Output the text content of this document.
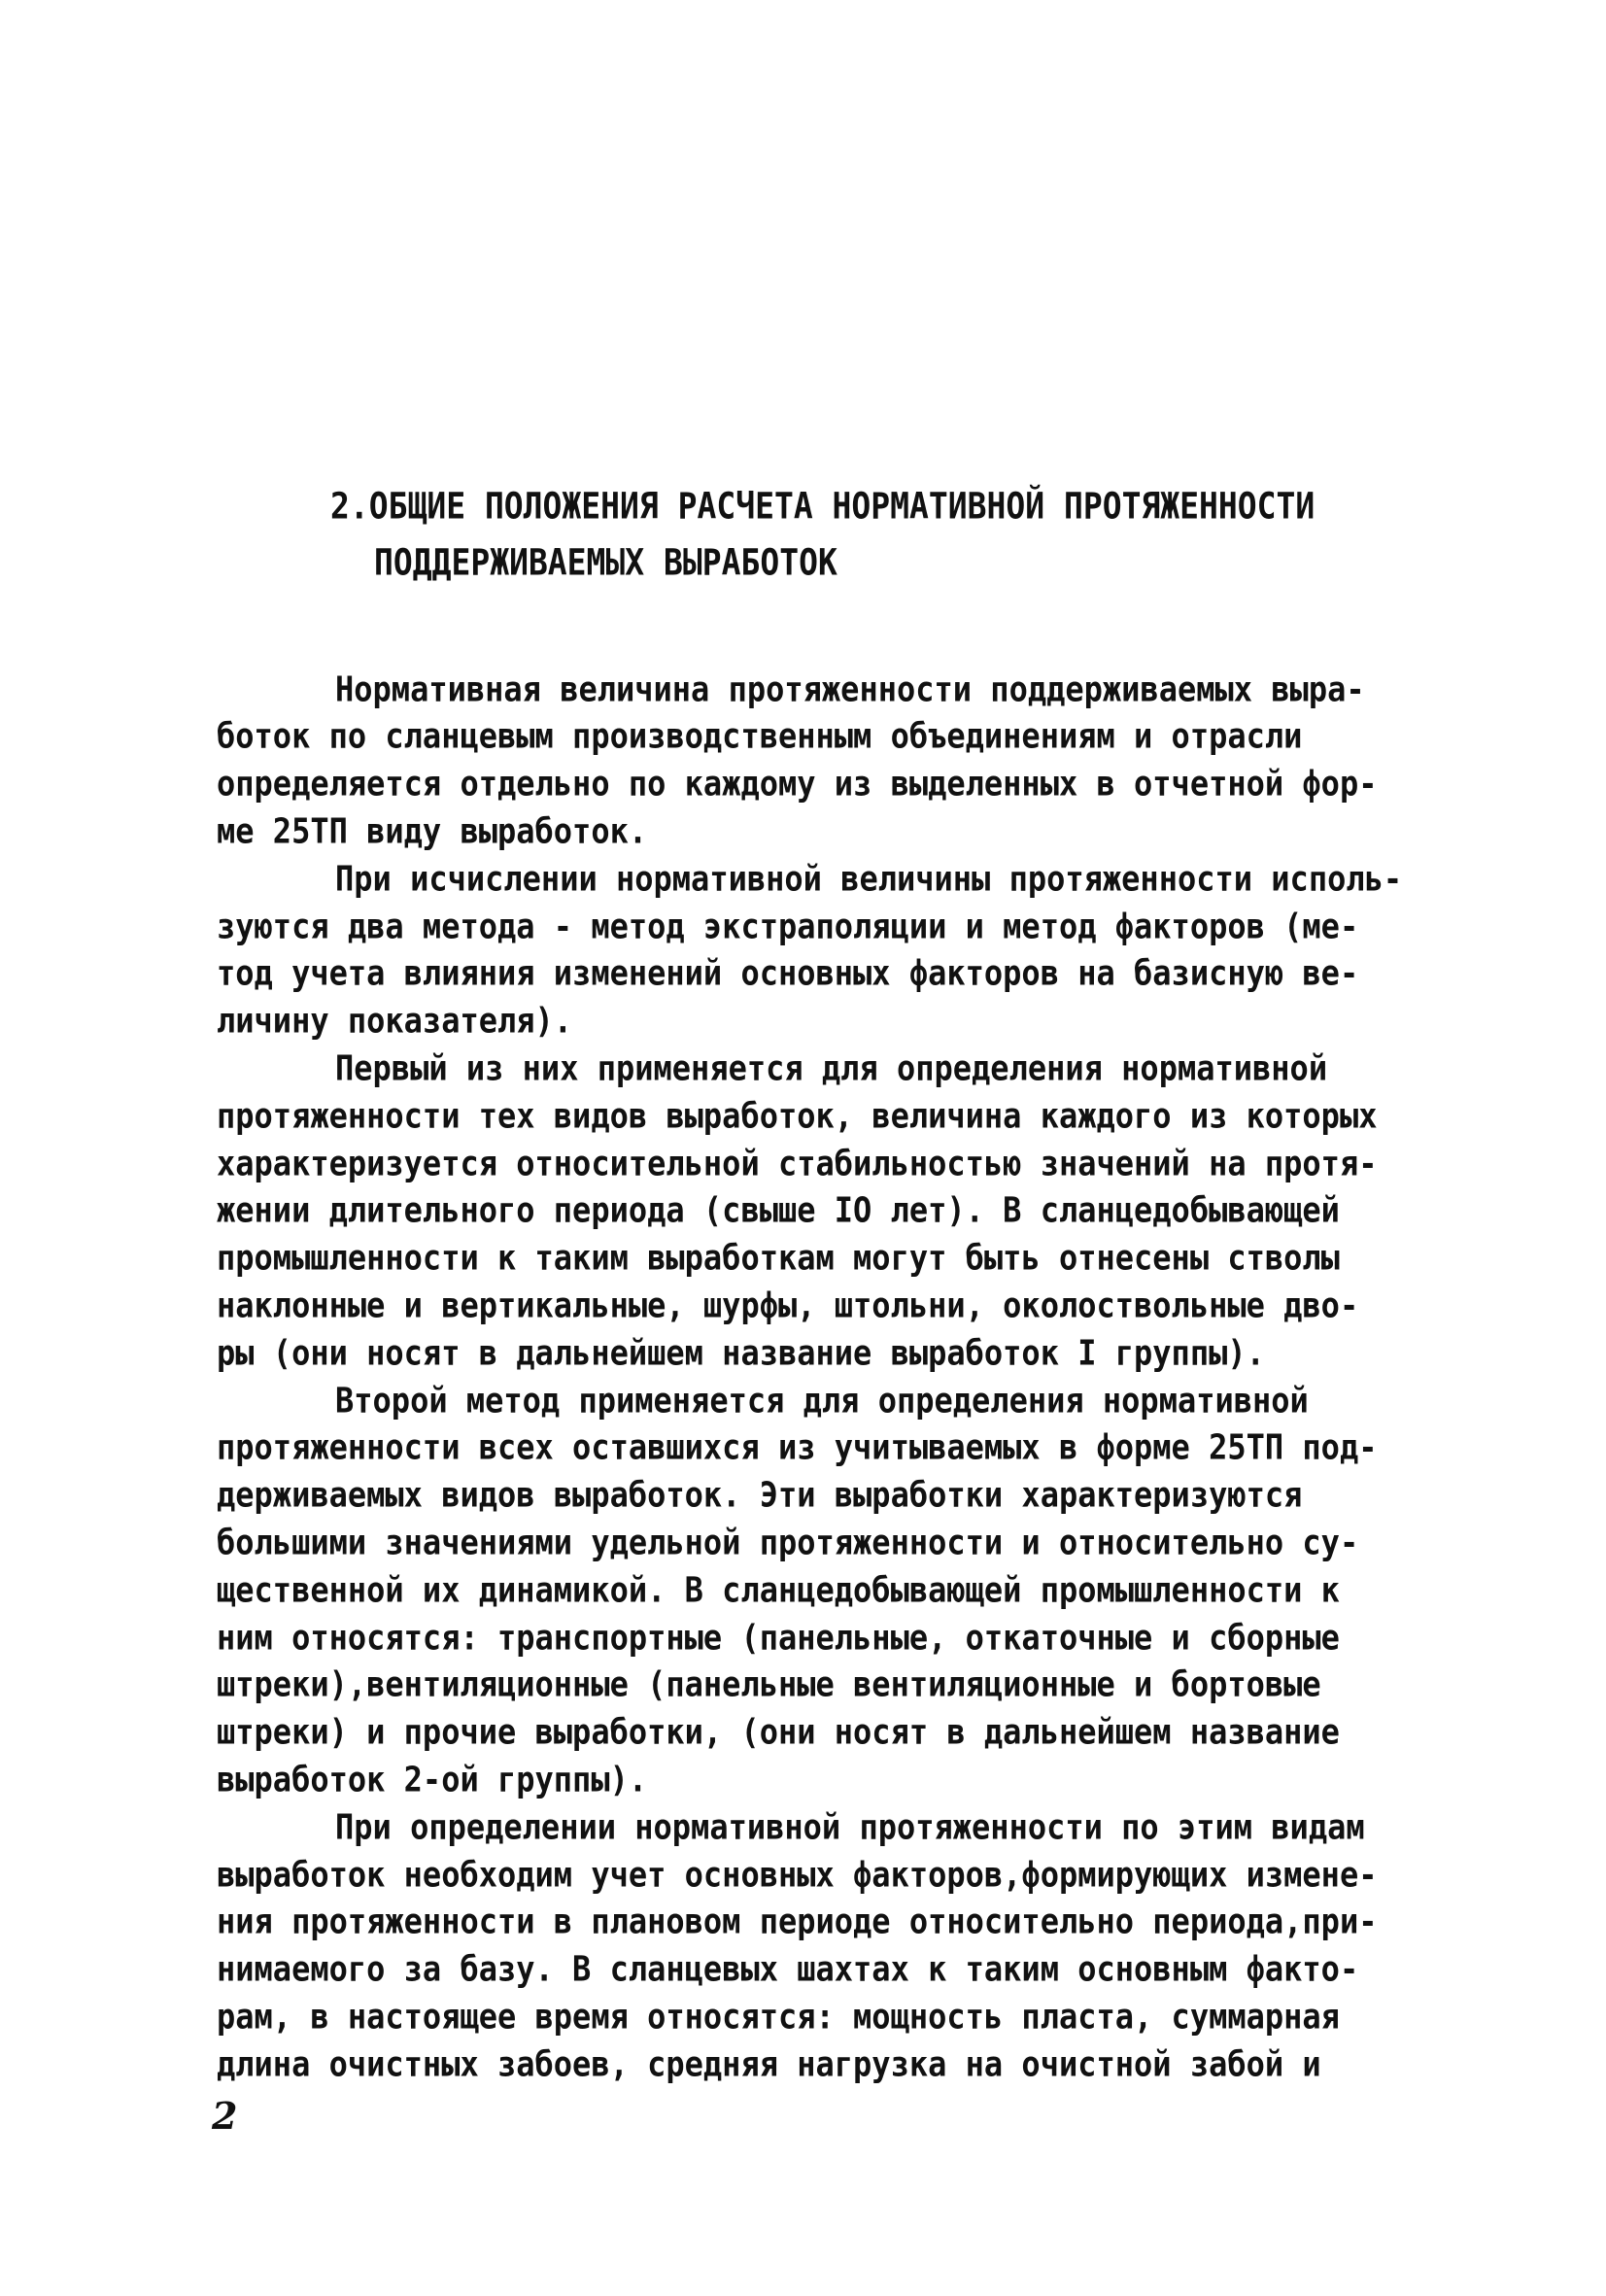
2.ОБЩИЕ ПОЛОЖЕНИЯ РАСЧЕТА НОРМАТИВНОЙ ПРОТЯЖЕННОСТИ
ПОДДЕРЖИВАЕМЫХ ВЫРАБОТОК
Нормативная величина протяженности поддерживаемых выра-
боток по сланцевым производственным объединениям и отрасли
определяется отдельно по каждому из выделенных в отчетной фор-
ме 25ТП виду выработок.
При исчислении нормативной величины протяженности исполь-
зуются два метода - метод экстраполяции и метод факторов (ме-
тод учета влияния изменений основных факторов на базисную ве-
личину показателя).
Первый из них применяется для определения нормативной
протяженности тех видов выработок, величина каждого из которых
характеризуется относительной стабильностью значений на протя-
жении длительного периода (свыше IO лет). В сланцедобывающей
промышленности к таким выработкам могут быть отнесены стволы
наклонные и вертикальные, шурфы, штольни, околоствольные дво-
ры (они носят в дальнейшем название выработок I группы).
Второй метод применяется для определения нормативной
протяженности всех оставшихся из учитываемых в форме 25ТП под-
держиваемых видов выработок. Эти выработки характеризуются
большими значениями удельной протяженности и относительно су-
щественной их динамикой. В сланцедобывающей промышленности к
ним относятся: транспортные (панельные, откаточные и сборные
штреки),вентиляционные (панельные вентиляционные и бортовые
штреки) и прочие выработки, (они носят в дальнейшем название
выработок 2-ой группы).
При определении нормативной протяженности по этим видам
выработок необходим учет основных факторов,формирующих измене-
ния протяженности в плановом периоде относительно периода,при-
нимаемого за базу. В сланцевых шахтах к таким основным факто-
рам, в настоящее время относятся: мощность пласта, суммарная
длина очистных забоев, средняя нагрузка на очистной забой и
2
